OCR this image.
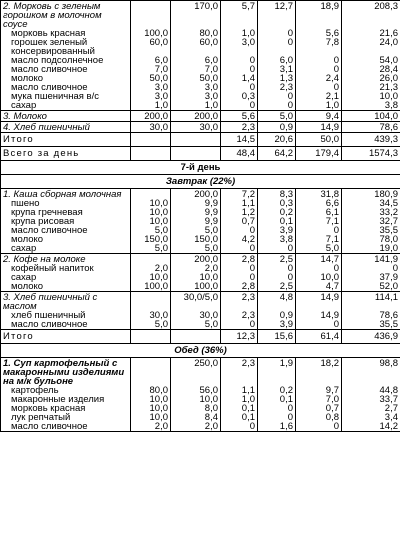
2. Морковь с зеленым горошком в молочном соусе		170,0	5,7	12,7	18,9	208,3
морковь красная	100,0	80,0	1,0	0	5,6	21,6
горошек зеленый консервированный	60,0	60,0	3,0	0	7,8	24,0
масло подсолнечное	6,0	6,0	0	6,0	0	54,0
масло сливочное	7,0	7,0	0	3,1	0	28,4
молоко	50,0	50,0	1,4	1,3	2,4	26,0
масло сливочное	3,0	3,0	0	2,3	0	21,3
мука пшеничная в/с	3,0	3,0	0,3	0	2,1	10,0
сахар	1,0	1,0	0	0	1,0	3,8
3. Молоко	200,0	200,0	5,6	5,0	9,4	104,0
4. Хлеб пшеничный	30,0	30,0	2,3	0,9	14,9	78,6
Итого			14,5	20,6	50,0	439,3
Всего за день			48,4	64,2	179,4	1574,3
7-й день						
Завтрак (22%)						
1. Каша сборная молочная		200,0	7,2	8,3	31,8	180,9
пшено	10,0	9,9	1,1	0,3	6,6	34,5
крупа гречневая	10,0	9,9	1,2	0,2	6,1	33,2
крупа рисовая	10,0	9,9	0,7	0,1	7,1	32,7
масло сливочное	5,0	5,0	0	3,9	0	35,5
молоко	150,0	150,0	4,2	3,8	7,1	78,0
сахар	5,0	5,0	0	0	5,0	19,0
2. Кофе на молоке		200,0	2,8	2,5	14,7	141,9
кофейный напиток	2,0	2,0	0	0	0	0
сахар	10,0	10,0	0	0	10,0	37,9
молоко	100,0	100,0	2,8	2,5	4,7	52,0
3. Хлеб пшеничный с маслом		30,0/5,0	2,3	4,8	14,9	114,1
хлеб пшеничный	30,0	30,0	2,3	0,9	14,9	78,6
масло сливочное	5,0	5,0	0	3,9	0	35,5
Итого			12,3	15,6	61,4	436,9
Обед (36%)						
1. Суп картофельный с макаронными изделиями на м/к бульоне		250,0	2,3	1,9	18,2	98,8
картофель	80,0	56,0	1,1	0,2	9,7	44,8
макаронные изделия	10,0	10,0	1,0	0,1	7,0	33,7
морковь красная	10,0	8,0	0,1	0	0,7	2,7
лук репчатый	10,0	8,4	0,1	0	0,8	3,4
масло сливочное	2,0	2,0	0	1,6	0	14,2
